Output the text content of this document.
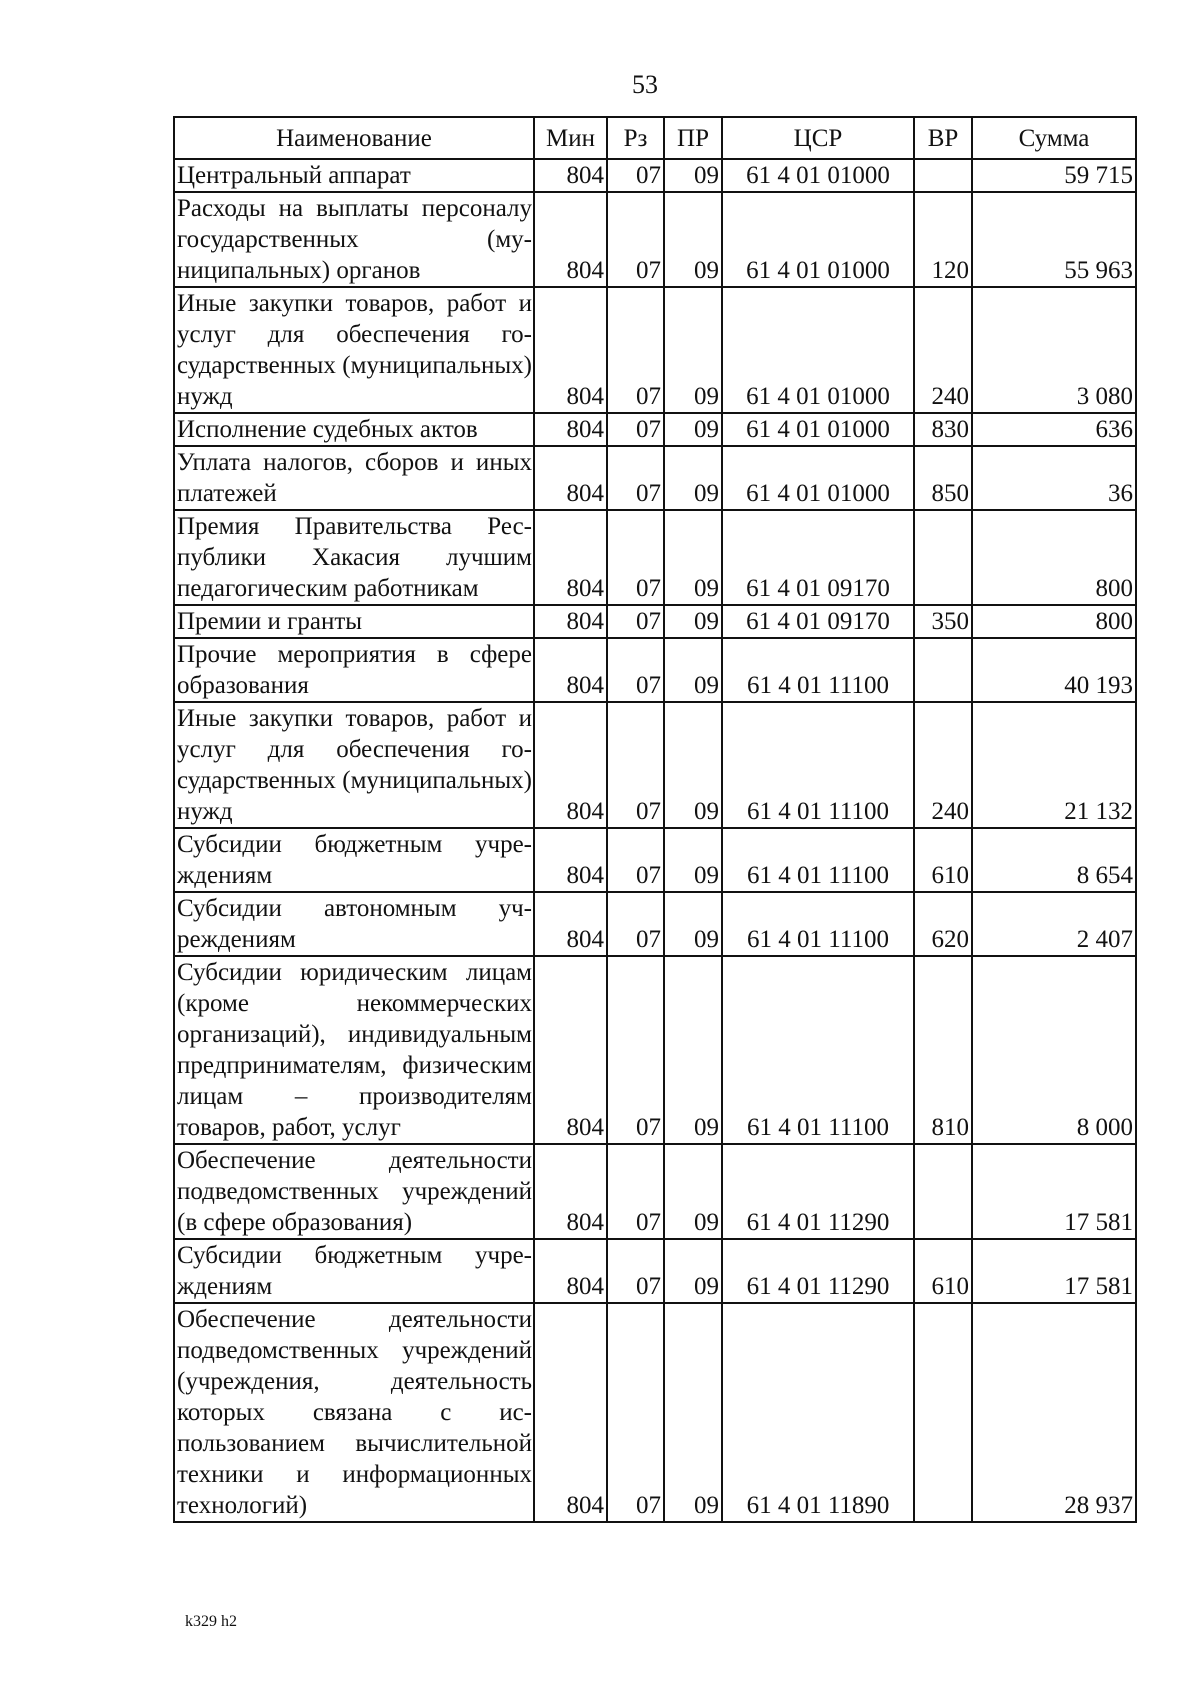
53
Наименование	Мин	Рз	ПР	ЦСР	ВР	Сумма
Центральный аппарат	804	07	09	61 4 01 01000		59 715
Расходы на выплаты персоналу государственных (муниципальных) органов	804	07	09	61 4 01 01000	120	55 963
Иные закупки товаров, работ и услуг для обеспечения государственных (муниципальных) нужд	804	07	09	61 4 01 01000	240	3 080
Исполнение судебных актов	804	07	09	61 4 01 01000	830	636
Уплата налогов, сборов и иных платежей	804	07	09	61 4 01 01000	850	36
Премия Правительства Республики Хакасия лучшим педагогическим работникам	804	07	09	61 4 01 09170		800
Премии и гранты	804	07	09	61 4 01 09170	350	800
Прочие мероприятия в сфере образования	804	07	09	61 4 01 11100		40 193
Иные закупки товаров, работ и услуг для обеспечения государственных (муниципальных) нужд	804	07	09	61 4 01 11100	240	21 132
Субсидии бюджетным учреждениям	804	07	09	61 4 01 11100	610	8 654
Субсидии автономным учреждениям	804	07	09	61 4 01 11100	620	2 407
Субсидии юридическим лицам (кроме некоммерческих организаций), индивидуальным предпринимателям, физическим лицам – производителям товаров, работ, услуг	804	07	09	61 4 01 11100	810	8 000
Обеспечение деятельности подведомственных учреждений (в сфере образования)	804	07	09	61 4 01 11290		17 581
Субсидии бюджетным учреждениям	804	07	09	61 4 01 11290	610	17 581
Обеспечение деятельности подведомственных учреждений (учреждения, деятельность которых связана с использованием вычислительной техники и информационных технологий)	804	07	09	61 4 01 11890		28 937
k329 h2
